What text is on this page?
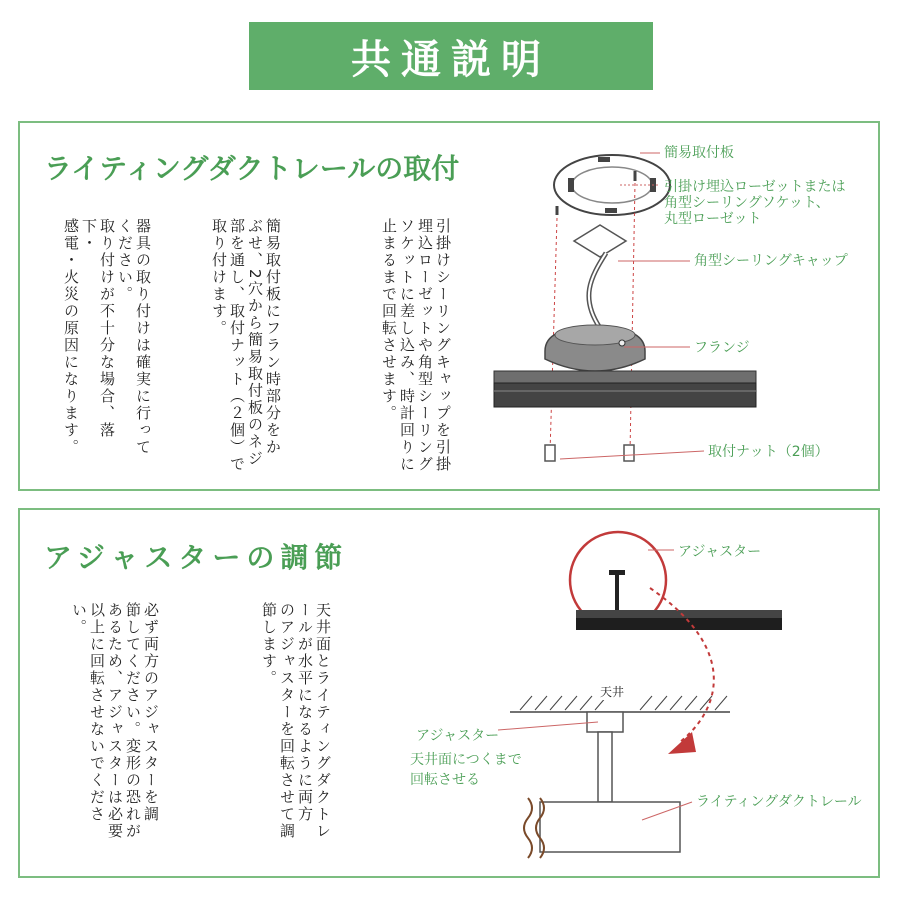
共通説明
ライティングダクトレールの取付
引掛けシーリングキャップを引掛
埋込ローゼットや角型シーリング
ソケットに差し込み、時計回りに
止まるまで回転させます。
簡易取付板にフラン時部分をか
ぶせ、2穴から簡易取付板のネジ
部を通し、取付ナット（２個）で
取り付けます。
器具の取り付けは確実に行って
ください。
取り付けが不十分な場合、落下・
感電・火災の原因になります。
簡易取付板
引掛け埋込ローゼットまたは
角型シーリングソケット、
丸型ローゼット
角型シーリングキャップ
フランジ
取付ナット（2個）
アジャスターの調節
天井面とライティングダクトレ
ールが水平になるように両方
のアジャスターを回転させて調
節します。
必ず両方のアジャスターを調
節してください。変形の恐れが
あるため、アジャスターは必要
以上に回転させないでくださ
い。
天井
アジャスター
アジャスター
天井面につくまで
回転させる
ライティングダクトレール
